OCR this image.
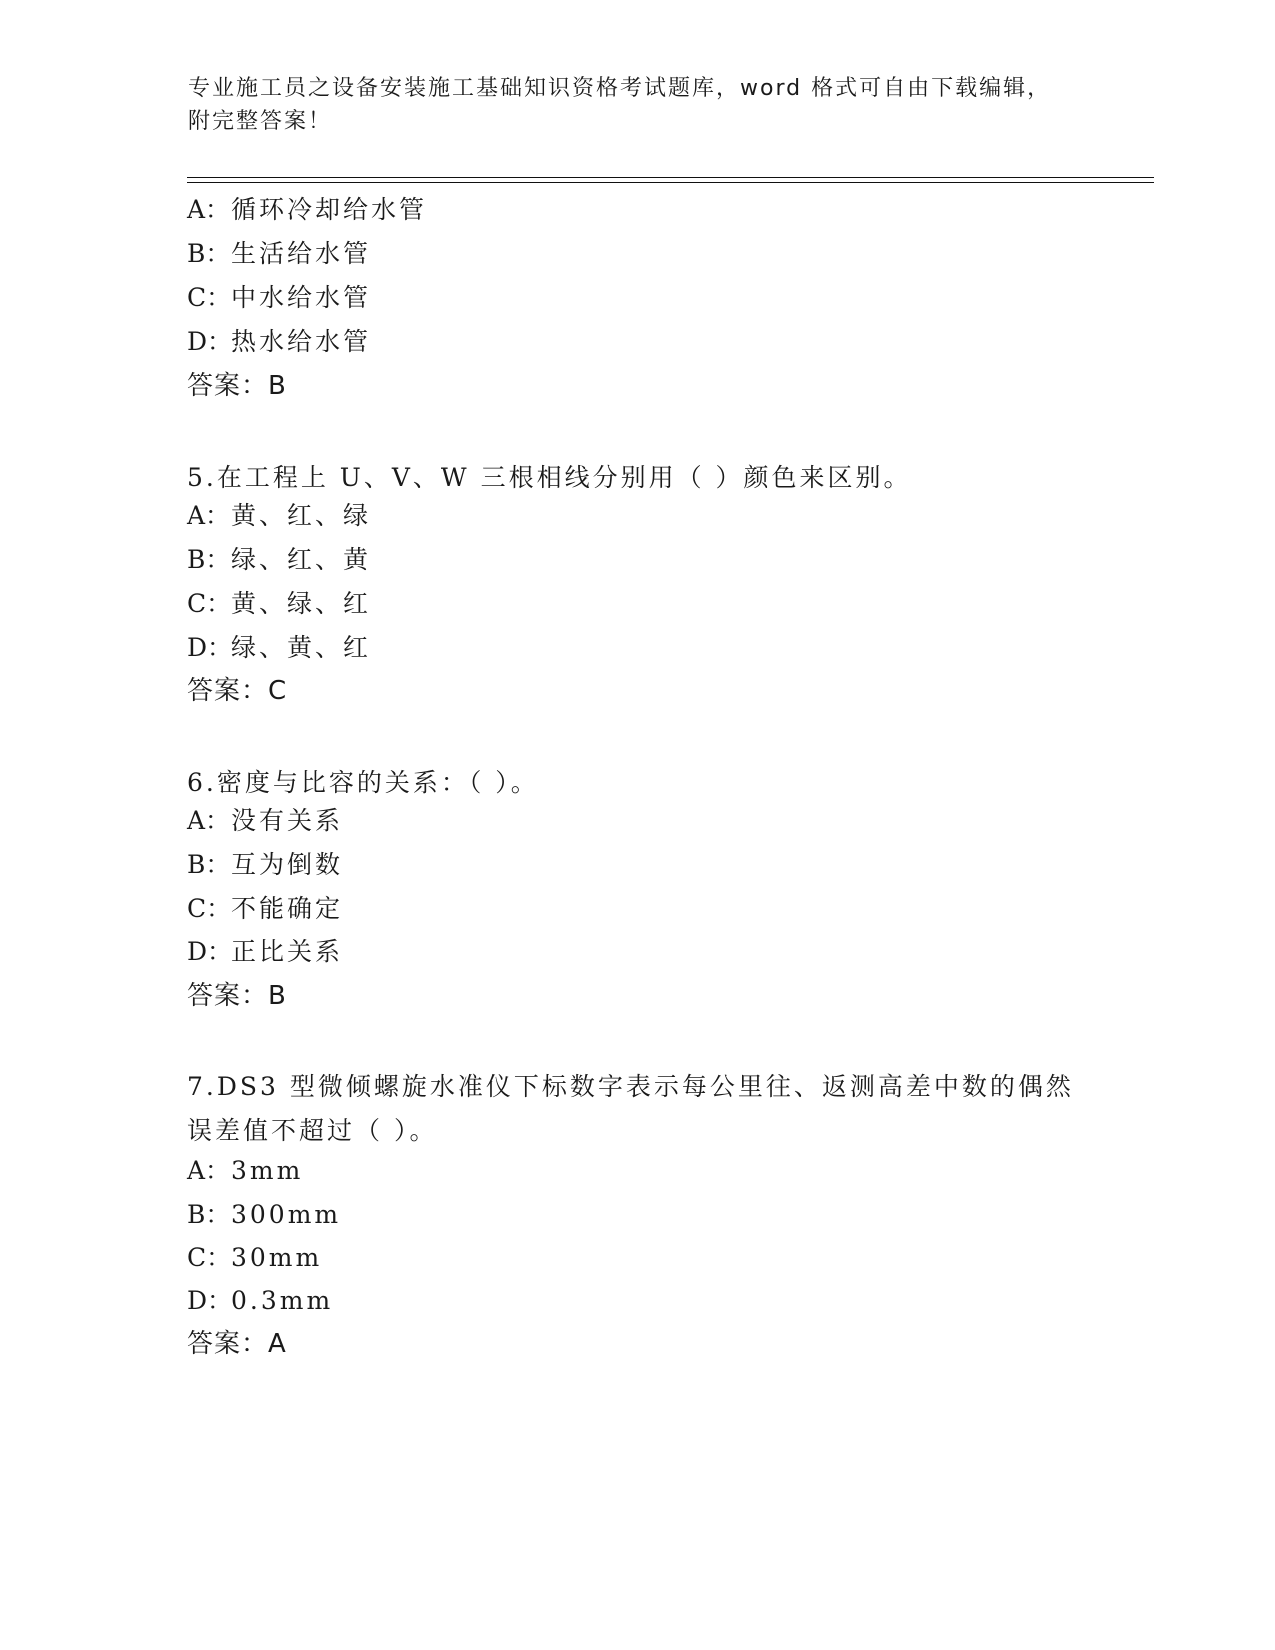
专业施工员之设备安装施工基础知识资格考试题库，word 格式可自由下载编辑，
附完整答案！
A：循环冷却给水管
B：生活给水管
C：中水给水管
D：热水给水管
答案：B
5.在工程上 U、V、W 三根相线分别用（ ）颜色来区别。
A：黄、红、绿
B：绿、红、黄
C：黄、绿、红
D：绿、黄、红
答案：C
6.密度与比容的关系：（ ）。
A：没有关系
B：互为倒数
C：不能确定
D：正比关系
答案：B
7.DS3 型微倾螺旋水准仪下标数字表示每公里往、返测高差中数的偶然
误差值不超过（ ）。
A：3mm
B：300mm
C：30mm
D：0.3mm
答案：A
